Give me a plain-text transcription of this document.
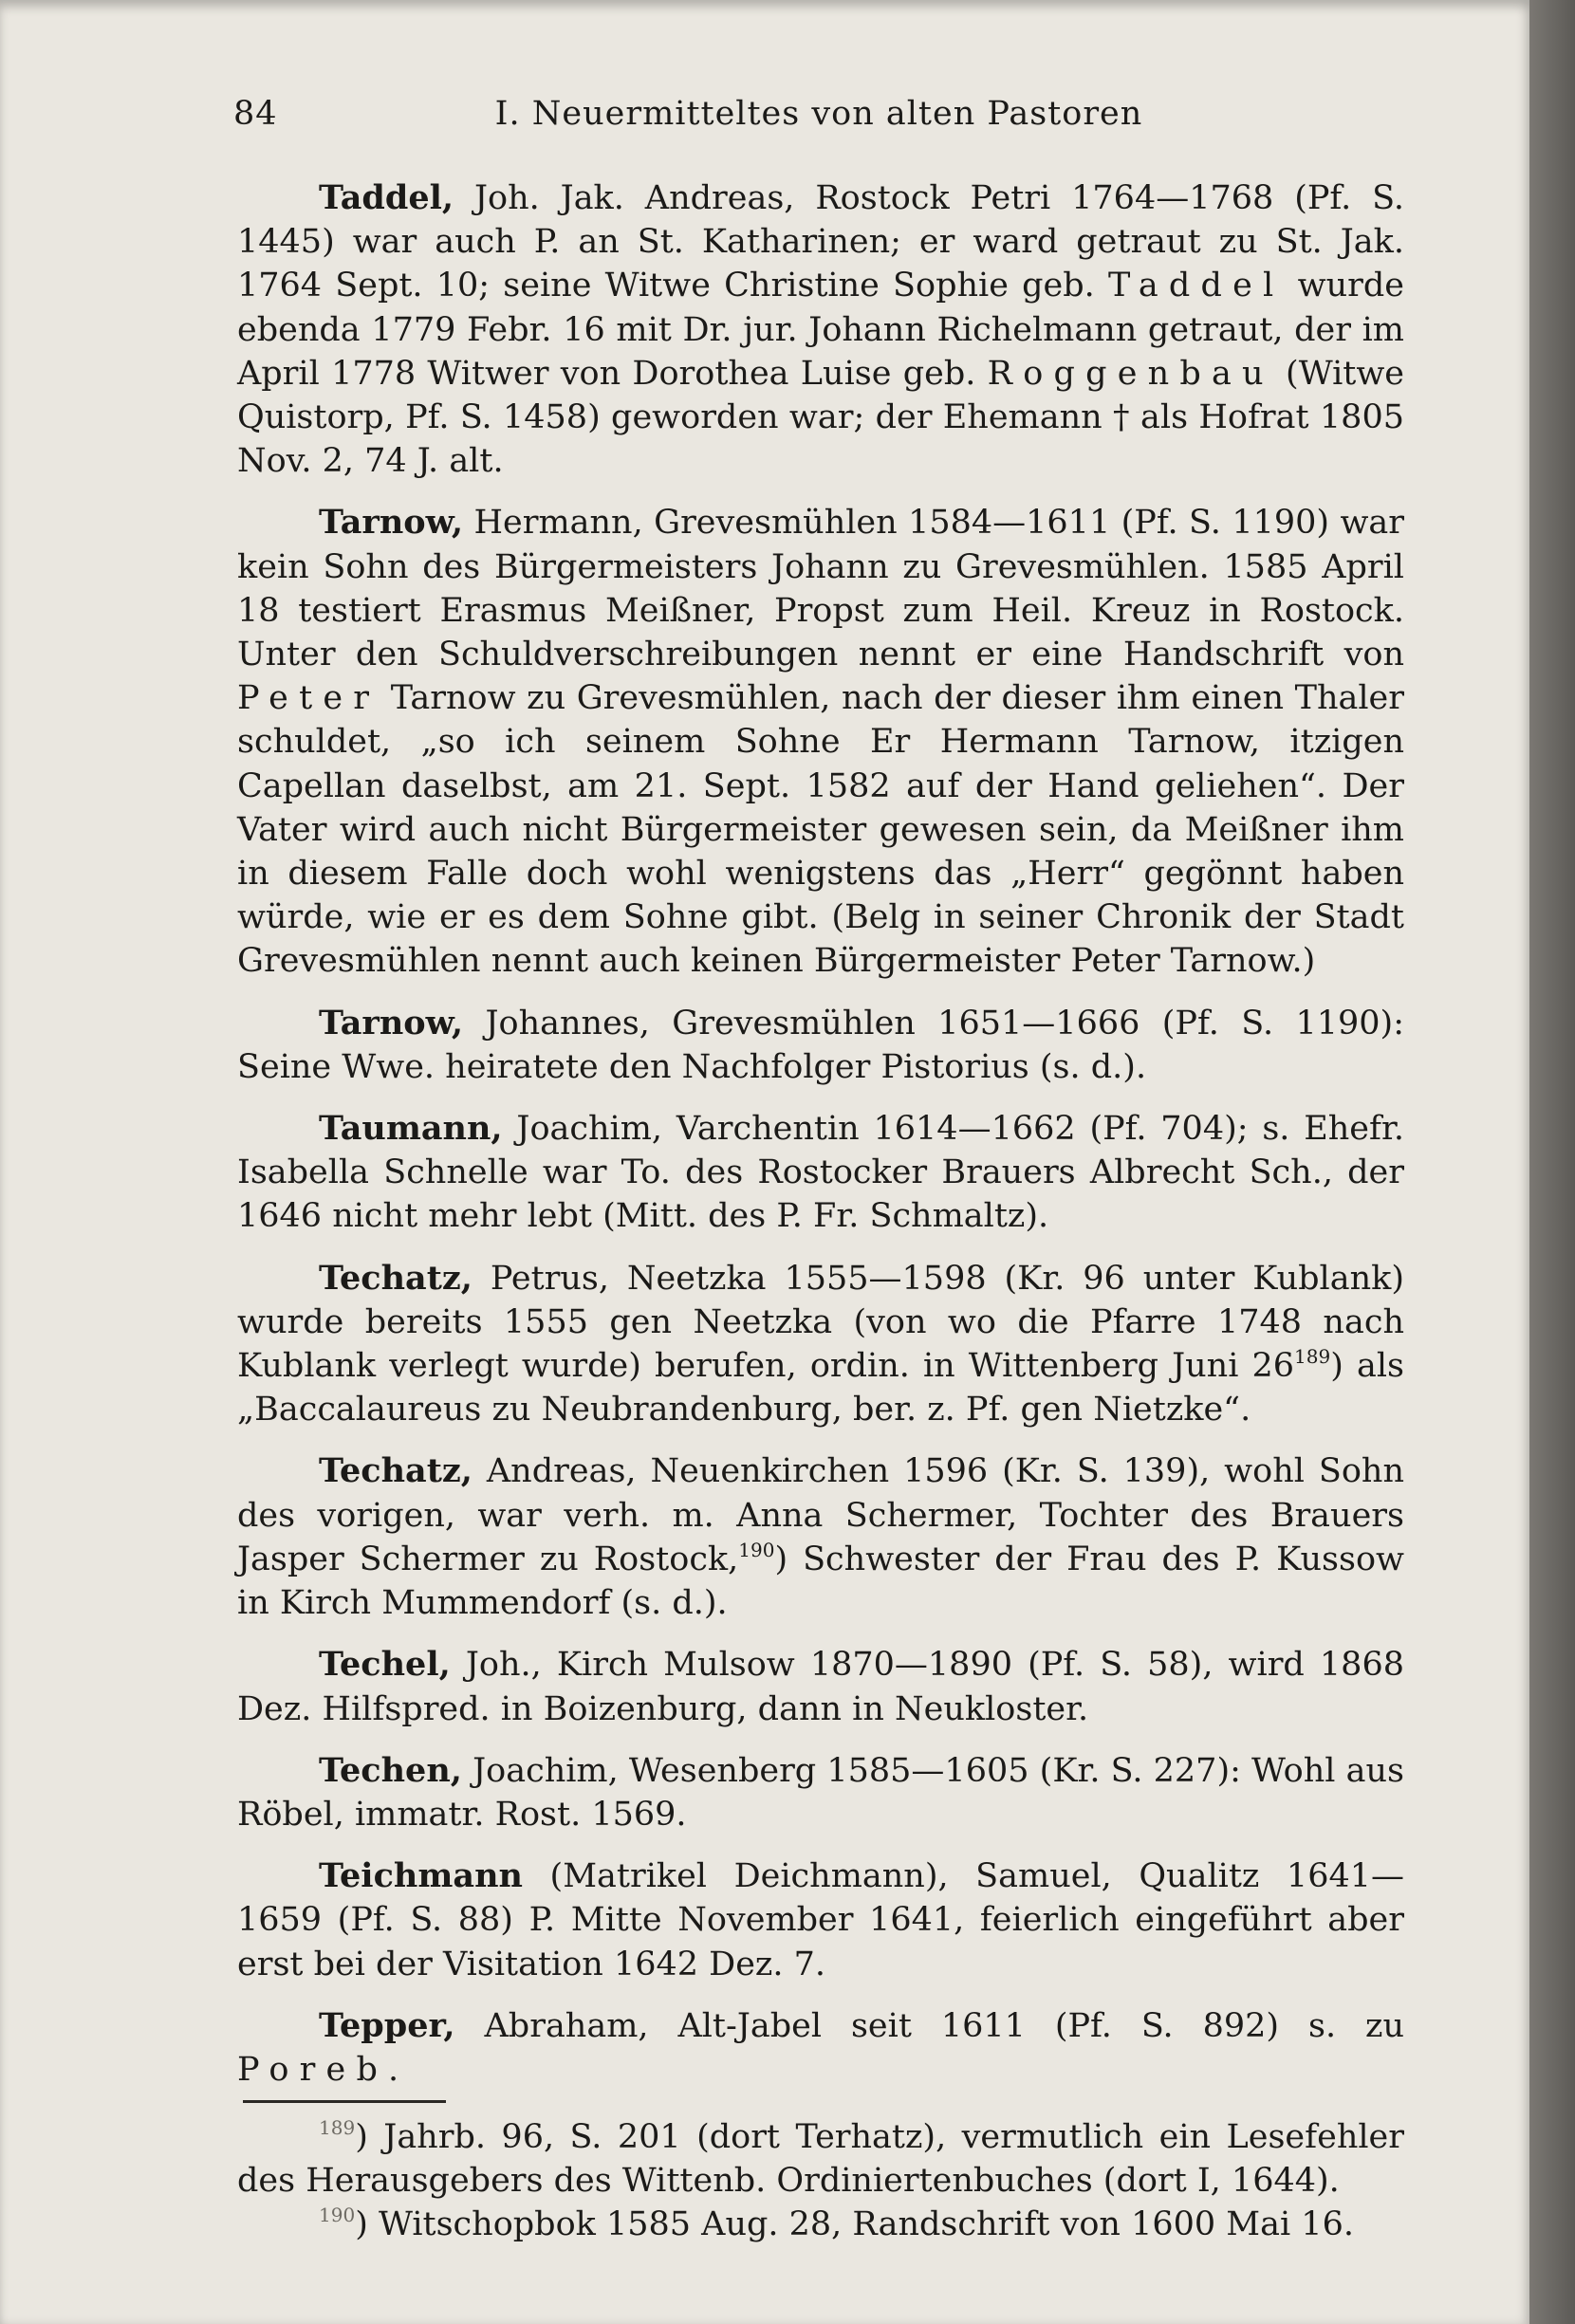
84	I. Neuermitteltes von alten Pastoren

Taddel, Joh. Jak. Andreas, Rostock Petri 1764—1768 (Pf. S. 1445) war auch P. an St. Katharinen; er ward getraut zu St. Jak. 1764 Sept. 10; seine Witwe Christine Sophie geb. Taddel wurde ebenda 1779 Febr. 16 mit Dr. jur. Johann Richelmann getraut, der im April 1778 Witwer von Dorothea Luise geb. Roggenbau (Witwe Quistorp, Pf. S. 1458) geworden war; der Ehemann † als Hofrat 1805 Nov. 2, 74 J. alt.

Tarnow, Hermann, Grevesmühlen 1584—1611 (Pf. S. 1190) war kein Sohn des Bürgermeisters Johann zu Grevesmühlen. 1585 April 18 testiert Erasmus Meißner, Propst zum Heil. Kreuz in Rostock. Unter den Schuldverschreibungen nennt er eine Handschrift von Peter Tarnow zu Grevesmühlen, nach der dieser ihm einen Thaler schuldet, „so ich seinem Sohne Er Hermann Tarnow, itzigen Capellan daselbst, am 21. Sept. 1582 auf der Hand geliehen“. Der Vater wird auch nicht Bürgermeister gewesen sein, da Meißner ihm in diesem Falle doch wohl wenigstens das „Herr“ gegönnt haben würde, wie er es dem Sohne gibt. (Belg in seiner Chronik der Stadt Grevesmühlen nennt auch keinen Bürgermeister Peter Tarnow.)

Tarnow, Johannes, Grevesmühlen 1651—1666 (Pf. S. 1190): Seine Wwe. heiratete den Nachfolger Pistorius (s. d.).

Taumann, Joachim, Varchentin 1614—1662 (Pf. 704); s. Ehefr. Isabella Schnelle war To. des Rostocker Brauers Albrecht Sch., der 1646 nicht mehr lebt (Mitt. des P. Fr. Schmaltz).

Techatz, Petrus, Neetzka 1555—1598 (Kr. 96 unter Kublank) wurde bereits 1555 gen Neetzka (von wo die Pfarre 1748 nach Kublank verlegt wurde) berufen, ordin. in Wittenberg Juni $26^{189}$) als „Baccalaureus zu Neubrandenburg, ber. z. Pf. gen Nietzke“.

Techatz, Andreas, Neuenkirchen 1596 (Kr. S. 139), wohl Sohn des vorigen, war verh. m. Anna Schermer, Tochter des Brauers Jasper Schermer zu Rostock,$^{190}$) Schwester der Frau des P. Kussow in Kirch Mummendorf (s. d.).

Techel, Joh., Kirch Mulsow 1870—1890 (Pf. S. 58), wird 1868 Dez. Hilfspred. in Boizenburg, dann in Neukloster.

Techen, Joachim, Wesenberg 1585—1605 (Kr. S. 227): Wohl aus Röbel, immatr. Rost. 1569.

Teichmann (Matrikel Deichmann), Samuel, Qualitz 1641—1659 (Pf. S. 88) P. Mitte November 1641, feierlich eingeführt aber erst bei der Visitation 1642 Dez. 7.

Tepper, Abraham, Alt-Jabel seit 1611 (Pf. S. 892) s. zu Poreb.

$^{189}$) Jahrb. 96, S. 201 (dort Terhatz), vermutlich ein Lesefehler des Herausgebers des Wittenb. Ordiniertenbuches (dort I, 1644).

$^{190}$) Witschopbok 1585 Aug. 28, Randschrift von 1600 Mai 16.
